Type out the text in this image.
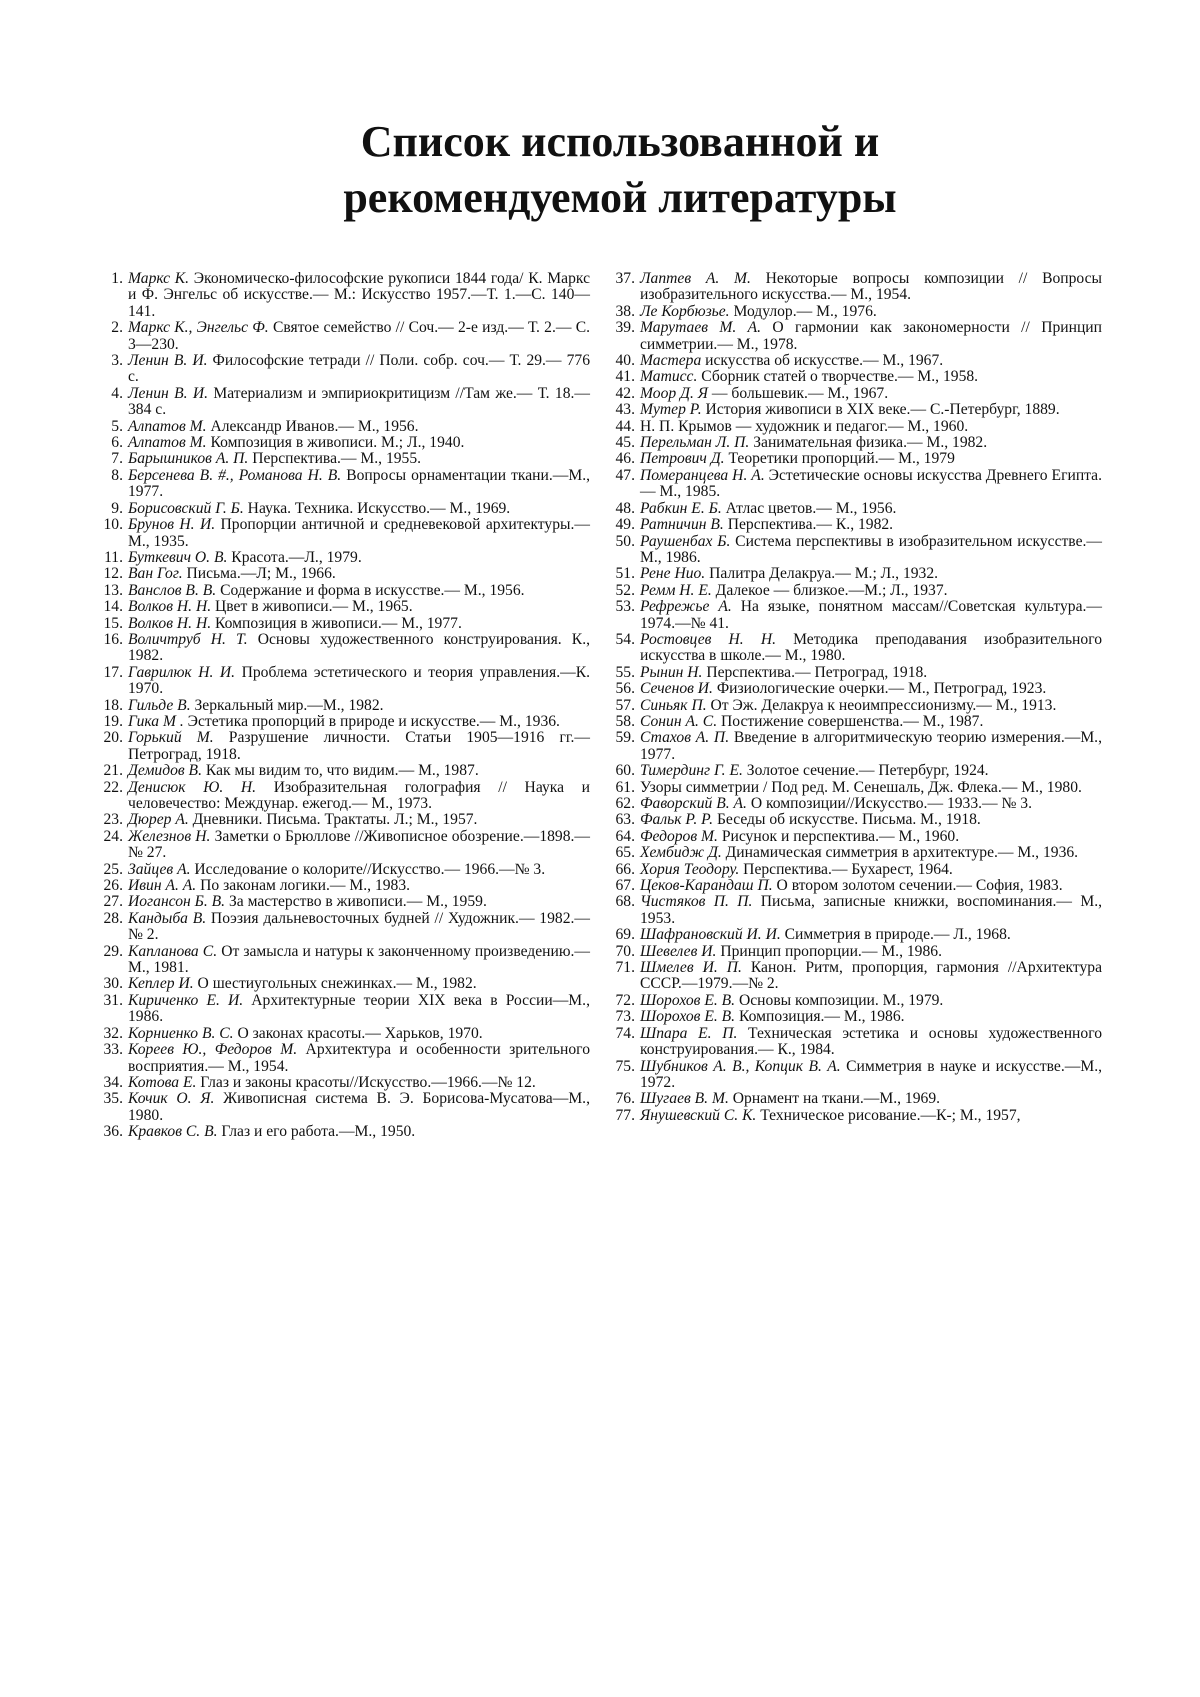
Список использованной и
рекомендуемой литературы
1. Маркс К. Экономическо-философские рукописи 1844 года/ К. Маркс и Ф. Энгельс об искусстве.— М.: Искусство 1957.—Т. 1.—С. 140—141.
2. Маркс К., Энгельс Ф. Святое семейство // Соч.— 2-е изд.— Т. 2.— С. 3—230.
3. Ленин В. И. Философские тетради // Поли. собр. соч.— Т. 29.— 776 с.
4. Ленин В. И. Материализм и эмпириокритицизм //Там же.— Т. 18.—384 с.
5. Алпатов М. Александр Иванов.— М., 1956.
6. Алпатов М. Композиция в живописи. М.; Л., 1940.
7. Барышников А. П. Перспектива.— М., 1955.
8. Берсенева В. #., Романова Н. В. Вопросы орнаментации ткани.—М., 1977.
9. Борисовский Г. Б. Наука. Техника. Искусство.— М., 1969.
10. Брунов Н. И. Пропорции античной и средневековой архитектуры.— М., 1935.
11. Буткевич О. В. Красота.—Л., 1979.
12. Ван Гог. Письма.—Л; М., 1966.
13. Ванслов В. В. Содержание и форма в искусстве.— М., 1956.
14. Волков Н. Н. Цвет в живописи.— М., 1965.
15. Волков Н. Н. Композиция в живописи.— М., 1977.
16. Воличтруб Н. Т. Основы художественного конструирования. К., 1982.
17. Гаврилюк Н. И. Проблема эстетического и теория управления.—К. 1970.
18. Гильде В. Зеркальный мир.—М., 1982.
19. Гика М . Эстетика пропорций в природе и искусстве.— М., 1936.
20. Горький М. Разрушение личности. Статьи 1905—1916 гг.— Петроград, 1918.
21. Демидов В. Как мы видим то, что видим.— М., 1987.
22. Денисюк Ю. Н. Изобразительная голография // Наука и человечество: Междунар. ежегод.— М., 1973.
23. Дюрер А. Дневники. Письма. Трактаты. Л.; М., 1957.
24. Железнов Н. Заметки о Брюллове //Живописное обозрение.—1898.—№ 27.
25. Зайцев А. Исследование о колорите//Искусство.— 1966.—№ 3.
26. Ивин А. А. По законам логики.— М., 1983.
27. Иогансон Б. В. За мастерство в живописи.— М., 1959.
28. Кандыба В. Поэзия дальневосточных будней // Художник.— 1982.—№ 2.
29. Капланова С. От замысла и натуры к законченному произведению.— М., 1981.
30. Кеплер И. О шестиугольных снежинках.— М., 1982.
31. Кириченко Е. И. Архитектурные теории XIX века в России—М., 1986.
32. Корниенко В. С. О законах красоты.— Харьков, 1970.
33. Кореев Ю., Федоров М. Архитектура и особенности зрительного восприятия.— М., 1954.
34. Котова Е. Глаз и законы красоты//Искусство.—1966.—№ 12.
35. Кочик О. Я. Живописная система В. Э. Борисова-Мусатова—М., 1980.
36. Кравков С. В. Глаз и его работа.—М., 1950.
37. Лаптев А. М. Некоторые вопросы композиции // Вопросы изобразительного искусства.— М., 1954.
38. Ле Корбюзье. Модулор.— М., 1976.
39. Марутаев М. А. О гармонии как закономерности // Принцип симметрии.— М., 1978.
40. Мастера искусства об искусстве.— М., 1967.
41. Матисс. Сборник статей о творчестве.— М., 1958.
42. Моор Д. Я — большевик.— М., 1967.
43. Мутер Р. История живописи в XIX веке.— С.-Петербург, 1889.
44. Н. П. Крымов — художник и педагог.— М., 1960.
45. Перельман Л. П. Занимательная физика.— М., 1982.
46. Петрович Д. Теоретики пропорций.— М., 1979
47. Померанцева Н. А. Эстетические основы искусства Древнего Египта.— М., 1985.
48. Рабкин Е. Б. Атлас цветов.— М., 1956.
49. Ратничин В. Перспектива.— К., 1982.
50. Раушенбах Б. Система перспективы в изобразительном искусстве.— М., 1986.
51. Рене Нио. Палитра Делакруа.— М.; Л., 1932.
52. Ремм Н. Е. Далекое — близкое.—М.; Л., 1937.
53. Рефрежье А. На языке, понятном массам//Советская культура.— 1974.—№ 41.
54. Ростовцев Н. Н. Методика преподавания изобразительного искусства в школе.— М., 1980.
55. Рынин Н. Перспектива.— Петроград, 1918.
56. Сеченов И. Физиологические очерки.— М., Петроград, 1923.
57. Синьяк П. От Эж. Делакруа к неоимпрессионизму.— М., 1913.
58. Сонин А. С. Постижение совершенства.— М., 1987.
59. Стахов А. П. Введение в алгоритмическую теорию измерения.—М., 1977.
60. Тимердинг Г. Е. Золотое сечение.— Петербург, 1924.
61. Узоры симметрии / Под ред. М. Сенешаль, Дж. Флека.— М., 1980.
62. Фаворский В. А. О композиции//Искусство.— 1933.— № 3.
63. Фальк Р. Р. Беседы об искусстве. Письма. М., 1918.
64. Федоров М. Рисунок и перспектива.— М., 1960.
65. Хембидж Д. Динамическая симметрия в архитектуре.— М., 1936.
66. Хория Теодору. Перспектива.— Бухарест, 1964.
67. Цеков-Карандаш П. О втором золотом сечении.— София, 1983.
68. Чистяков П. П. Письма, записные книжки, воспоминания.— М., 1953.
69. Шафрановский И. И. Симметрия в природе.— Л., 1968.
70. Шевелев И. Принцип пропорции.— М., 1986.
71. Шмелев И. П. Канон. Ритм, пропорция, гармония //Архитектура СССР.—1979.—№ 2.
72. Шорохов Е. В. Основы композиции. М., 1979.
73. Шорохов Е. В. Композиция.— М., 1986.
74. Шпара Е. П. Техническая эстетика и основы художественного конструирования.— К., 1984.
75. Шубников А. В., Копцик В. А. Симметрия в науке и искусстве.—М., 1972.
76. Шугаев В. М. Орнамент на ткани.—М., 1969.
77. Янушевский С. К. Техническое рисование.—К-; М., 1957,
